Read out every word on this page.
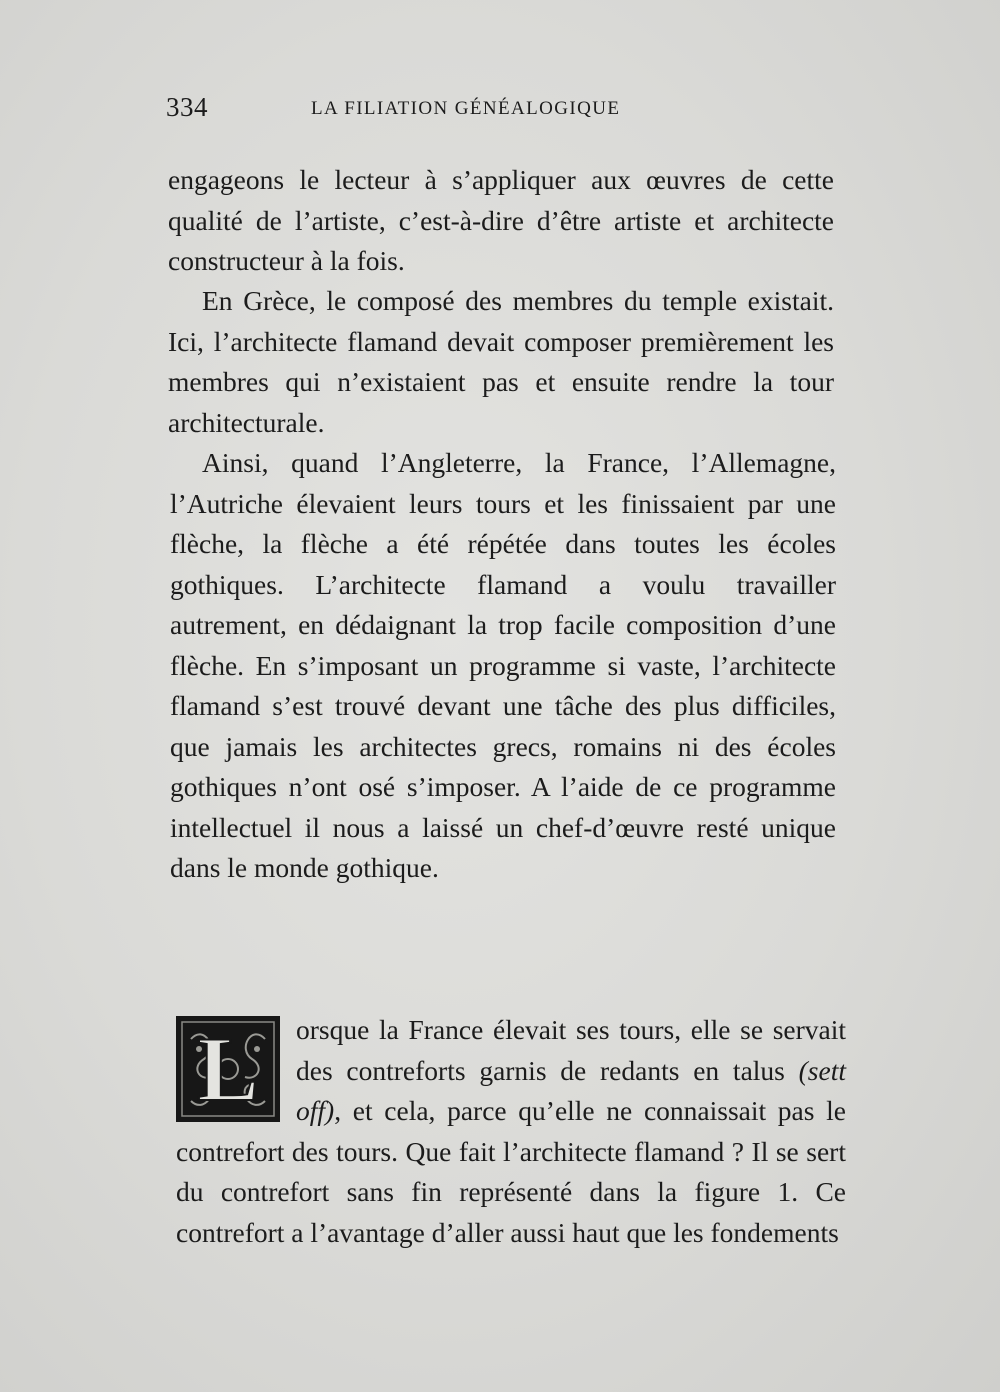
334	LA FILIATION GÉNÉALOGIQUE

engageons le lecteur à s’appliquer aux œuvres de cette qualité de l’artiste, c’est-à-dire d’être artiste et architecte constructeur à la fois.

En Grèce, le composé des membres du temple existait. Ici, l’architecte flamand devait composer premièrement les membres qui n’existaient pas et ensuite rendre la tour architecturale.

Ainsi, quand l’Angleterre, la France, l’Allemagne, l’Autriche élevaient leurs tours et les finissaient par une flèche, la flèche a été répétée dans toutes les écoles gothiques. L’architecte flamand a voulu travailler autrement, en dédaignant la trop facile composition d’une flèche. En s’imposant un programme si vaste, l’architecte flamand s’est trouvé devant une tâche des plus difficiles, que jamais les architectes grecs, romains ni des écoles gothiques n’ont osé s’imposer. A l’aide de ce programme intellectuel il nous a laissé un chef-d’œuvre resté unique dans le monde gothique.

L	orsque la France élevait ses tours, elle se servait des contreforts garnis de redants en talus (sett off), et cela, parce qu’elle ne connaissait pas le contrefort des tours. Que fait l’architecte flamand ? Il se sert du contrefort sans fin représenté dans la figure 1. Ce contrefort a l’avantage d’aller aussi haut que les fondements
